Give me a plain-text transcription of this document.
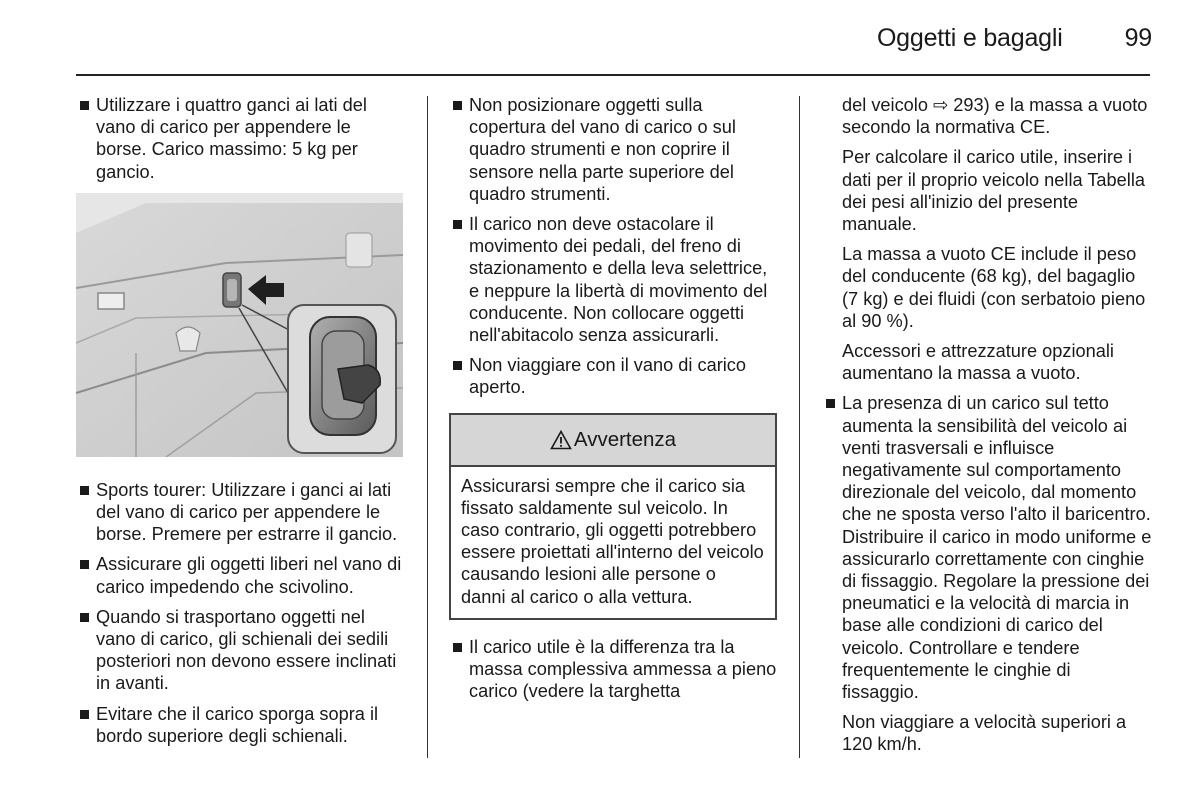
Oggetti e bagagli 99
Utilizzare i quattro ganci ai lati del vano di carico per appendere le borse. Carico massimo: 5 kg per gancio.
Sports tourer: Utilizzare i ganci ai lati del vano di carico per appendere le borse. Premere per estrarre il gancio.
Assicurare gli oggetti liberi nel vano di carico impedendo che scivolino.
Quando si trasportano oggetti nel vano di carico, gli schienali dei sedili posteriori non devono essere inclinati in avanti.
Evitare che il carico sporga sopra il bordo superiore degli schienali.
Non posizionare oggetti sulla copertura del vano di carico o sul quadro strumenti e non coprire il sensore nella parte superiore del quadro strumenti.
Il carico non deve ostacolare il movimento dei pedali, del freno di stazionamento e della leva selettrice, e neppure la libertà di movimento del conducente. Non collocare oggetti nell'abitacolo senza assicurarli.
Non viaggiare con il vano di carico aperto.
Avvertenza
Assicurarsi sempre che il carico sia fissato saldamente sul veicolo. In caso contrario, gli oggetti potrebbero essere proiettati all'interno del veicolo causando lesioni alle persone o danni al carico o alla vettura.
Il carico utile è la differenza tra la massa complessiva ammessa a pieno carico (vedere la targhetta

del veicolo ⇨ 293) e la massa a vuoto secondo la normativa CE.

Per calcolare il carico utile, inserire i dati per il proprio veicolo nella Tabella dei pesi all'inizio del presente manuale.

La massa a vuoto CE include il peso del conducente (68 kg), del bagaglio (7 kg) e dei fluidi (con serbatoio pieno al 90 %).

Accessori e attrezzature opzionali aumentano la massa a vuoto.

La presenza di un carico sul tetto aumenta la sensibilità del veicolo ai venti trasversali e influisce negativamente sul comportamento direzionale del veicolo, dal momento che ne sposta verso l'alto il baricentro. Distribuire il carico in modo uniforme e assicurarlo correttamente con cinghie di fissaggio. Regolare la pressione dei pneumatici e la velocità di marcia in base alle condizioni di carico del veicolo. Controllare e tendere frequentemente le cinghie di fissaggio.

Non viaggiare a velocità superiori a 120 km/h.
